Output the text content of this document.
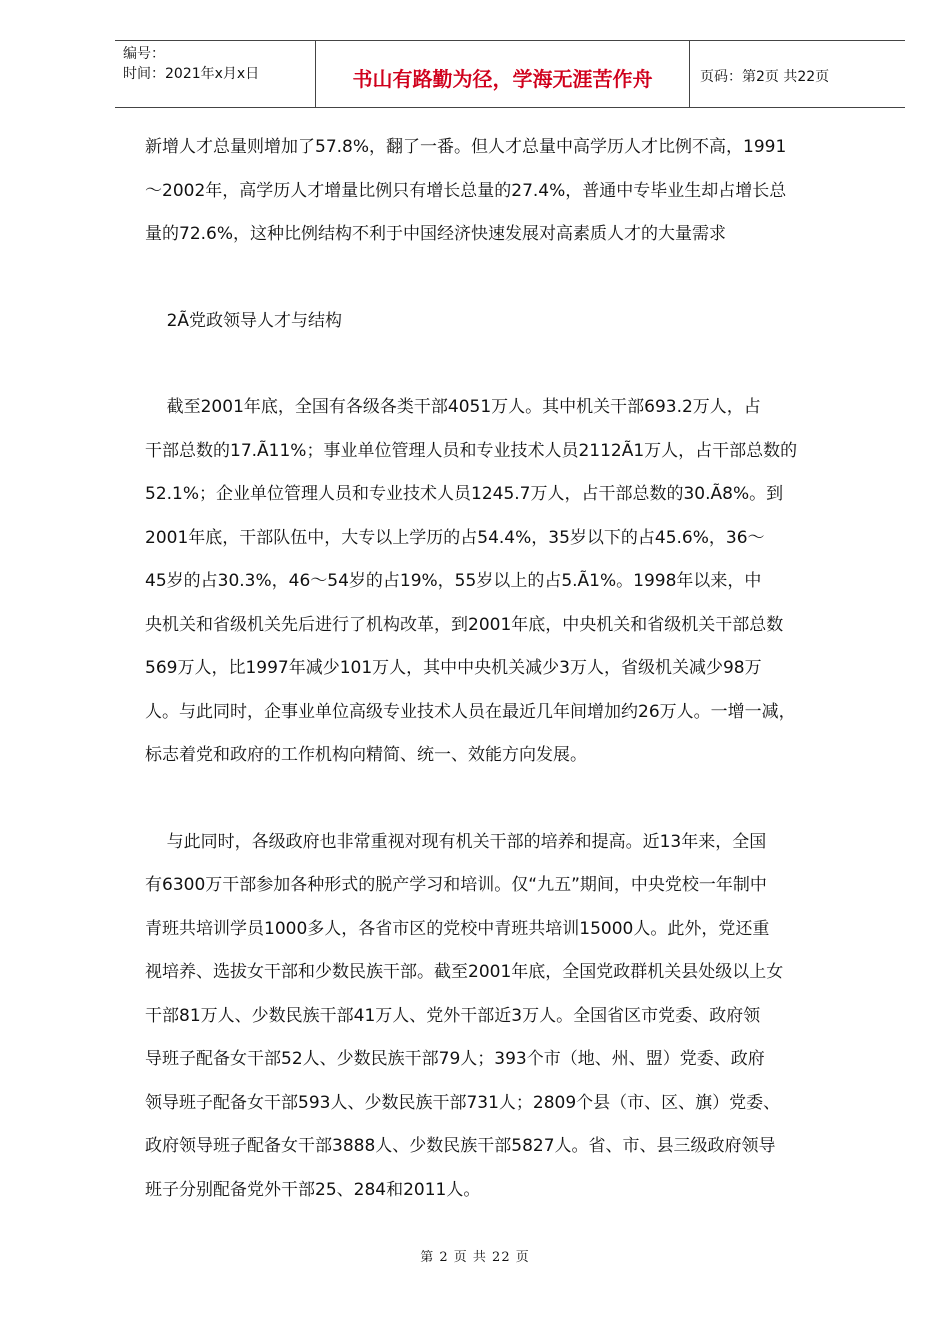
编号：
时间：2021年x月x日	书山有路勤为径，学海无涯苦作舟	页码：第2页 共22页
新增人才总量则增加了57.8%，翻了一番。但人才总量中高学历人才比例不高，1991
～2002年，高学历人才增量比例只有增长总量的27.4%，普通中专毕业生却占增长总
量的72.6%，这种比例结构不利于中国经济快速发展对高素质人才的大量需求
2Ã党政领导人才与结构
截至2001年底，全国有各级各类干部4051万人。其中机关干部693.2万人，占
干部总数的17.Ã11%；事业单位管理人员和专业技术人员2112Ã1万人，占干部总数的
52.1%；企业单位管理人员和专业技术人员1245.7万人，占干部总数的30.Ã8%。到
2001年底，干部队伍中，大专以上学历的占54.4%，35岁以下的占45.6%，36～
45岁的占30.3%，46～54岁的占19%，55岁以上的占5.Ã1%。1998年以来，中
央机关和省级机关先后进行了机构改革，到2001年底，中央机关和省级机关干部总数
569万人，比1997年减少101万人，其中中央机关减少3万人，省级机关减少98万
人。与此同时，企事业单位高级专业技术人员在最近几年间增加约26万人。一增一减，
标志着党和政府的工作机构向精简、统一、效能方向发展。
与此同时，各级政府也非常重视对现有机关干部的培养和提高。近13年来，全国
有6300万干部参加各种形式的脱产学习和培训。仅“九五”期间，中央党校一年制中
青班共培训学员1000多人，各省市区的党校中青班共培训15000人。此外，党还重
视培养、选拔女干部和少数民族干部。截至2001年底，全国党政群机关县处级以上女
干部81万人、少数民族干部41万人、党外干部近3万人。全国省区市党委、政府领
导班子配备女干部52人、少数民族干部79人；393个市（地、州、盟）党委、政府
领导班子配备女干部593人、少数民族干部731人；2809个县（市、区、旗）党委、
政府领导班子配备女干部3888人、少数民族干部5827人。省、市、县三级政府领导
班子分别配备党外干部25、284和2011人。
第 2 页 共 22 页
